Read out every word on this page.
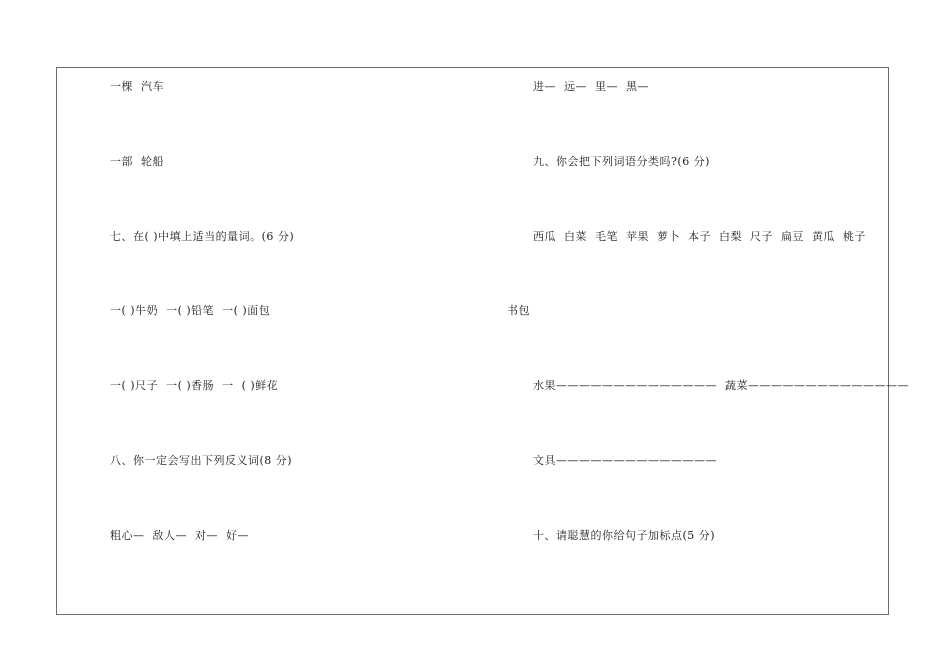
一棵  汽车
一部  轮船
七、在( )中填上适当的量词。(6 分)
一( )牛奶  一( )铅笔  一( )面包
一( )尺子  一( )香肠  一  ( )鲜花
八、你一定会写出下列反义词(8 分)
粗心—  敌人—  对—  好—
进—  远—  里—  黑—
九、你会把下列词语分类吗?(6 分)
西瓜  白菜  毛笔  苹果  萝卜  本子  白梨  尺子  扁豆  黄瓜  桃子
书包
水果——————————————  蔬菜——————————————
文具——————————————
十、请聪慧的你给句子加标点(5 分)
